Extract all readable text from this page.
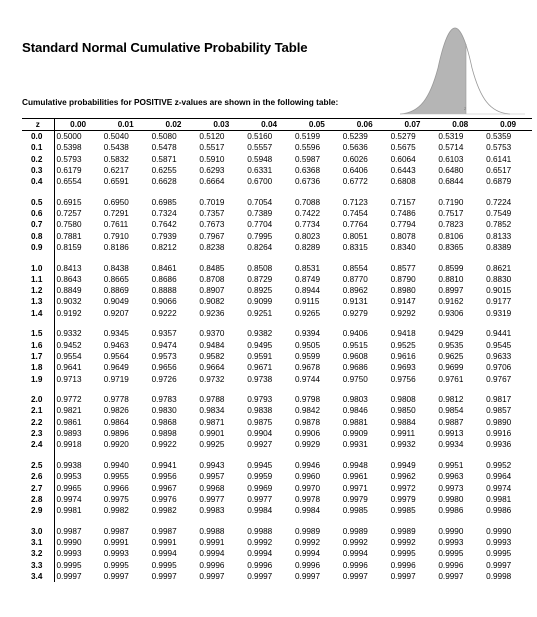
Standard Normal Cumulative Probability Table
z
Cumulative probabilities for POSITIVE z-values are shown in the following table:
z	0.00	0.01	0.02	0.03	0.04	0.05	0.06	0.07	0.08	0.09
0.0	0.5000	0.5040	0.5080	0.5120	0.5160	0.5199	0.5239	0.5279	0.5319	0.5359
0.1	0.5398	0.5438	0.5478	0.5517	0.5557	0.5596	0.5636	0.5675	0.5714	0.5753
0.2	0.5793	0.5832	0.5871	0.5910	0.5948	0.5987	0.6026	0.6064	0.6103	0.6141
0.3	0.6179	0.6217	0.6255	0.6293	0.6331	0.6368	0.6406	0.6443	0.6480	0.6517
0.4	0.6554	0.6591	0.6628	0.6664	0.6700	0.6736	0.6772	0.6808	0.6844	0.6879

0.5	0.6915	0.6950	0.6985	0.7019	0.7054	0.7088	0.7123	0.7157	0.7190	0.7224
0.6	0.7257	0.7291	0.7324	0.7357	0.7389	0.7422	0.7454	0.7486	0.7517	0.7549
0.7	0.7580	0.7611	0.7642	0.7673	0.7704	0.7734	0.7764	0.7794	0.7823	0.7852
0.8	0.7881	0.7910	0.7939	0.7967	0.7995	0.8023	0.8051	0.8078	0.8106	0.8133
0.9	0.8159	0.8186	0.8212	0.8238	0.8264	0.8289	0.8315	0.8340	0.8365	0.8389

1.0	0.8413	0.8438	0.8461	0.8485	0.8508	0.8531	0.8554	0.8577	0.8599	0.8621
1.1	0.8643	0.8665	0.8686	0.8708	0.8729	0.8749	0.8770	0.8790	0.8810	0.8830
1.2	0.8849	0.8869	0.8888	0.8907	0.8925	0.8944	0.8962	0.8980	0.8997	0.9015
1.3	0.9032	0.9049	0.9066	0.9082	0.9099	0.9115	0.9131	0.9147	0.9162	0.9177
1.4	0.9192	0.9207	0.9222	0.9236	0.9251	0.9265	0.9279	0.9292	0.9306	0.9319

1.5	0.9332	0.9345	0.9357	0.9370	0.9382	0.9394	0.9406	0.9418	0.9429	0.9441
1.6	0.9452	0.9463	0.9474	0.9484	0.9495	0.9505	0.9515	0.9525	0.9535	0.9545
1.7	0.9554	0.9564	0.9573	0.9582	0.9591	0.9599	0.9608	0.9616	0.9625	0.9633
1.8	0.9641	0.9649	0.9656	0.9664	0.9671	0.9678	0.9686	0.9693	0.9699	0.9706
1.9	0.9713	0.9719	0.9726	0.9732	0.9738	0.9744	0.9750	0.9756	0.9761	0.9767

2.0	0.9772	0.9778	0.9783	0.9788	0.9793	0.9798	0.9803	0.9808	0.9812	0.9817
2.1	0.9821	0.9826	0.9830	0.9834	0.9838	0.9842	0.9846	0.9850	0.9854	0.9857
2.2	0.9861	0.9864	0.9868	0.9871	0.9875	0.9878	0.9881	0.9884	0.9887	0.9890
2.3	0.9893	0.9896	0.9898	0.9901	0.9904	0.9906	0.9909	0.9911	0.9913	0.9916
2.4	0.9918	0.9920	0.9922	0.9925	0.9927	0.9929	0.9931	0.9932	0.9934	0.9936

2.5	0.9938	0.9940	0.9941	0.9943	0.9945	0.9946	0.9948	0.9949	0.9951	0.9952
2.6	0.9953	0.9955	0.9956	0.9957	0.9959	0.9960	0.9961	0.9962	0.9963	0.9964
2.7	0.9965	0.9966	0.9967	0.9968	0.9969	0.9970	0.9971	0.9972	0.9973	0.9974
2.8	0.9974	0.9975	0.9976	0.9977	0.9977	0.9978	0.9979	0.9979	0.9980	0.9981
2.9	0.9981	0.9982	0.9982	0.9983	0.9984	0.9984	0.9985	0.9985	0.9986	0.9986

3.0	0.9987	0.9987	0.9987	0.9988	0.9988	0.9989	0.9989	0.9989	0.9990	0.9990
3.1	0.9990	0.9991	0.9991	0.9991	0.9992	0.9992	0.9992	0.9992	0.9993	0.9993
3.2	0.9993	0.9993	0.9994	0.9994	0.9994	0.9994	0.9994	0.9995	0.9995	0.9995
3.3	0.9995	0.9995	0.9995	0.9996	0.9996	0.9996	0.9996	0.9996	0.9996	0.9997
3.4	0.9997	0.9997	0.9997	0.9997	0.9997	0.9997	0.9997	0.9997	0.9997	0.9998
